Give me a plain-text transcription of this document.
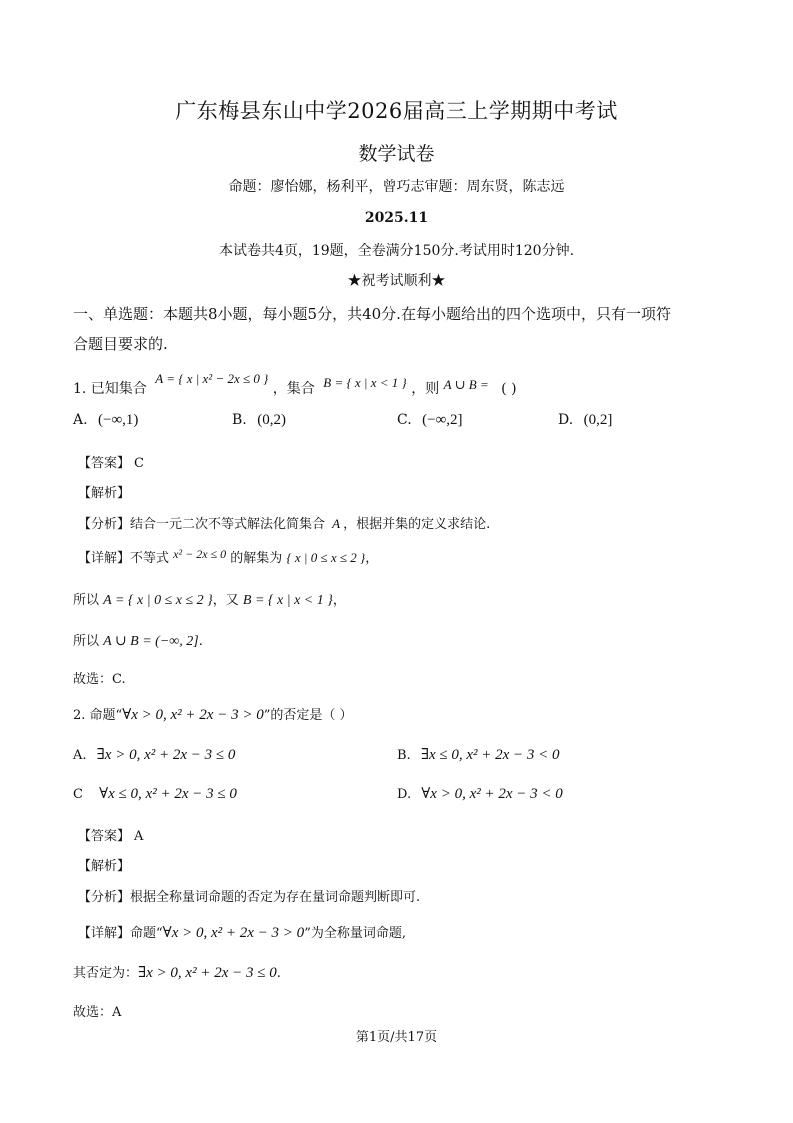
广东梅县东山中学2026届高三上学期期中考试
数学试卷
命题：廖怡娜，杨利平，曾巧志审题：周东贤，陈志远
2025.11
本试卷共4页，19题，全卷满分150分.考试用时120分钟.
★祝考试顺利★
一、单选题：本题共8小题，每小题5分，共40分.在每小题给出的四个选项中，只有一项符
合题目要求的.
1. 已知集合 A = { x | x² − 2x ≤ 0 } ，集合 B = { x | x < 1 } ，则 A ∪ B = ( )
A. (−∞,1)	B. (0,2)	C. (−∞,2]	D. (0,2]
【答案】 C
【解析】
【分析】结合一元二次不等式解法化简集合 A ，根据并集的定义求结论.
【详解】不等式 x² − 2x ≤ 0 的解集为 { x | 0 ≤ x ≤ 2 }，
所以 A = { x | 0 ≤ x ≤ 2 }，又 B = { x | x < 1 }，
所以 A ∪ B = (−∞, 2].
故选：C.
2. 命题“∀x > 0, x² + 2x − 3 > 0”的否定是（ ）
A. ∃x > 0, x² + 2x − 3 ≤ 0	B. ∃x ≤ 0, x² + 2x − 3 < 0
C ∀x ≤ 0, x² + 2x − 3 ≤ 0	D. ∀x > 0, x² + 2x − 3 < 0
【答案】 A
【解析】
【分析】根据全称量词命题的否定为存在量词命题判断即可.
【详解】命题“∀x > 0, x² + 2x − 3 > 0”为全称量词命题,
其否定为：∃x > 0, x² + 2x − 3 ≤ 0.
故选：A
第1页/共17页
